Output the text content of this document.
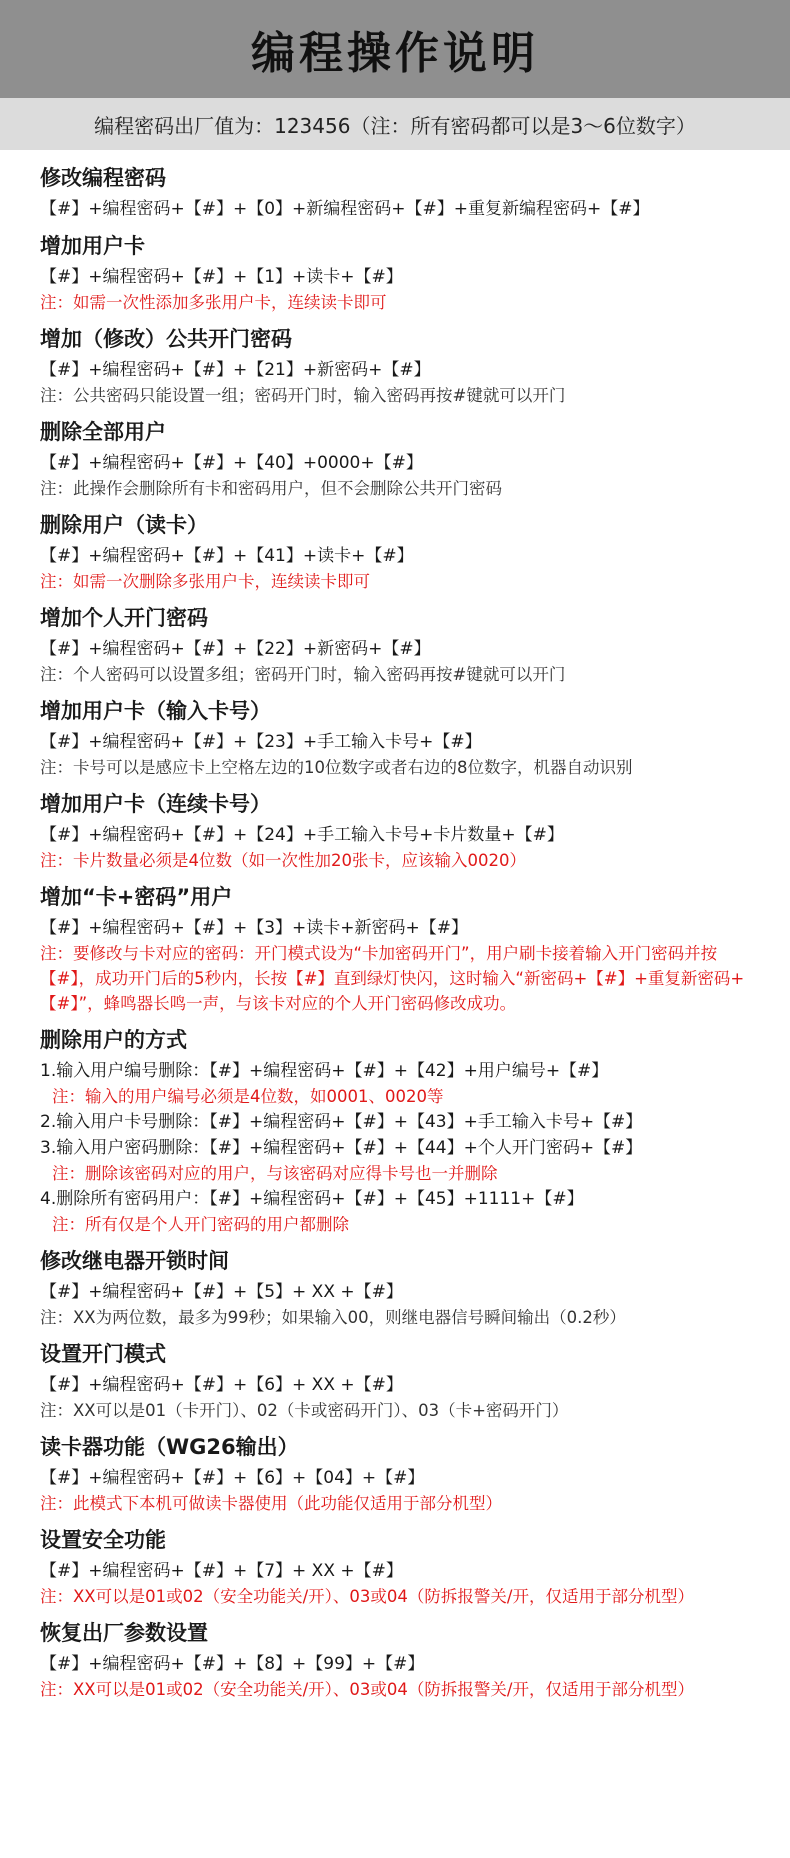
编程操作说明
编程密码出厂值为：123456（注：所有密码都可以是3～6位数字）
修改编程密码
【#】+编程密码+【#】+【0】+新编程密码+【#】+重复新编程密码+【#】
增加用户卡
【#】+编程密码+【#】+【1】+读卡+【#】
注：如需一次性添加多张用户卡，连续读卡即可
增加（修改）公共开门密码
【#】+编程密码+【#】+【21】+新密码+【#】
注：公共密码只能设置一组；密码开门时，输入密码再按#键就可以开门
删除全部用户
【#】+编程密码+【#】+【40】+0000+【#】
注：此操作会删除所有卡和密码用户，但不会删除公共开门密码
删除用户（读卡）
【#】+编程密码+【#】+【41】+读卡+【#】
注：如需一次删除多张用户卡，连续读卡即可
增加个人开门密码
【#】+编程密码+【#】+【22】+新密码+【#】
注：个人密码可以设置多组；密码开门时，输入密码再按#键就可以开门
增加用户卡（输入卡号）
【#】+编程密码+【#】+【23】+手工输入卡号+【#】
注：卡号可以是感应卡上空格左边的10位数字或者右边的8位数字，机器自动识别
增加用户卡（连续卡号）
【#】+编程密码+【#】+【24】+手工输入卡号+卡片数量+【#】
注：卡片数量必须是4位数（如一次性加20张卡，应该输入0020）
增加“卡+密码”用户
【#】+编程密码+【#】+【3】+读卡+新密码+【#】
注：要修改与卡对应的密码：开门模式设为“卡加密码开门”，用户刷卡接着输入开门密码并按【#】，成功开门后的5秒内，长按【#】直到绿灯快闪，这时输入“新密码+【#】+重复新密码+【#】”，蜂鸣器长鸣一声，与该卡对应的个人开门密码修改成功。
删除用户的方式
1.输入用户编号删除：【#】+编程密码+【#】+【42】+用户编号+【#】
注：输入的用户编号必须是4位数，如0001、0020等
2.输入用户卡号删除：【#】+编程密码+【#】+【43】+手工输入卡号+【#】
3.输入用户密码删除：【#】+编程密码+【#】+【44】+个人开门密码+【#】
注：删除该密码对应的用户，与该密码对应得卡号也一并删除
4.删除所有密码用户：【#】+编程密码+【#】+【45】+1111+【#】
注：所有仅是个人开门密码的用户都删除
修改继电器开锁时间
【#】+编程密码+【#】+【5】+ XX +【#】
注：XX为两位数，最多为99秒；如果输入00，则继电器信号瞬间输出（0.2秒）
设置开门模式
【#】+编程密码+【#】+【6】+ XX +【#】
注：XX可以是01（卡开门）、02（卡或密码开门）、03（卡+密码开门）
读卡器功能（WG26输出）
【#】+编程密码+【#】+【6】+【04】+【#】
注：此模式下本机可做读卡器使用（此功能仅适用于部分机型）
设置安全功能
【#】+编程密码+【#】+【7】+ XX +【#】
注：XX可以是01或02（安全功能关/开）、03或04（防拆报警关/开，仅适用于部分机型）
恢复出厂参数设置
【#】+编程密码+【#】+【8】+【99】+【#】
注：XX可以是01或02（安全功能关/开）、03或04（防拆报警关/开，仅适用于部分机型）
